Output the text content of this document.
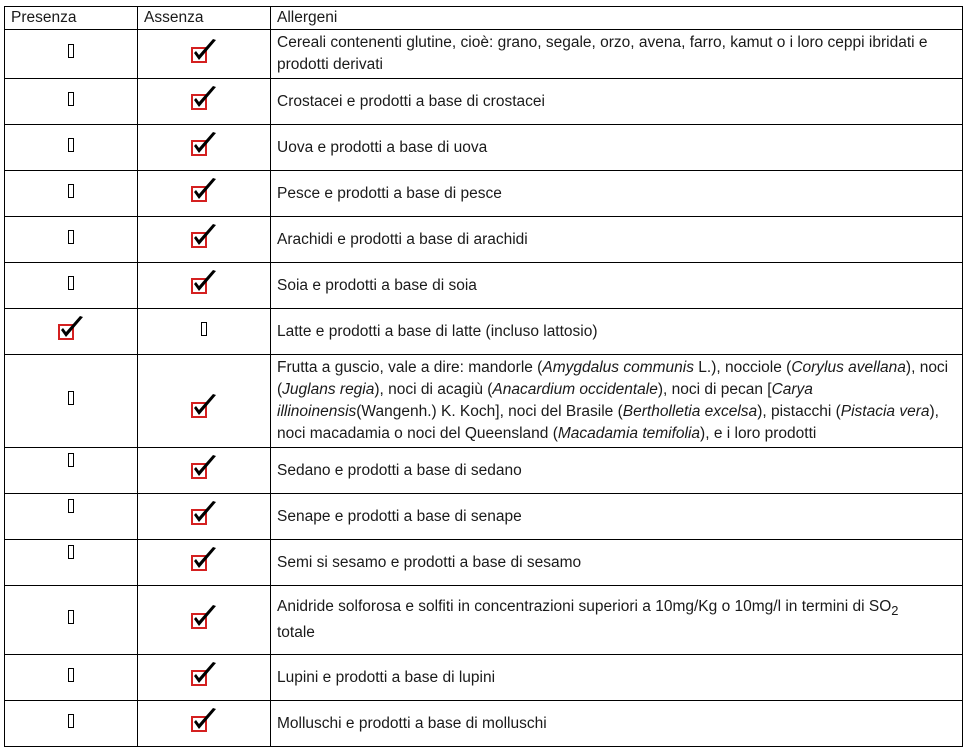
Presenza	Assenza	Allergeni
		Cereali contenenti glutine, cioè: grano, segale, orzo, avena, farro, kamut o i loro ceppi ibridati e prodotti derivati
		Crostacei e prodotti a base di crostacei
		Uova e prodotti a base di uova
		Pesce e prodotti a base di pesce
		Arachidi e prodotti a base di arachidi
		Soia e prodotti a base di soia
		Latte e prodotti a base di latte (incluso lattosio)
		Frutta a guscio, vale a dire: mandorle (Amygdalus communis L.), nocciole (Corylus avellana), noci (Juglans regia), noci di acagiù (Anacardium occidentale), noci di pecan [Carya illinoinensis(Wangenh.) K. Koch], noci del Brasile (Bertholletia excelsa), pistacchi (Pistacia vera), noci macadamia o noci del Queensland (Macadamia temifolia), e i loro prodotti
		Sedano e prodotti a base di sedano
		Senape e prodotti a base di senape
		Semi si sesamo e prodotti a base di sesamo
		Anidride solforosa e solfiti in concentrazioni superiori a 10mg/Kg o 10mg/l in termini di $SO_2$
totale
		Lupini e prodotti a base di lupini
		Molluschi e prodotti a base di molluschi
